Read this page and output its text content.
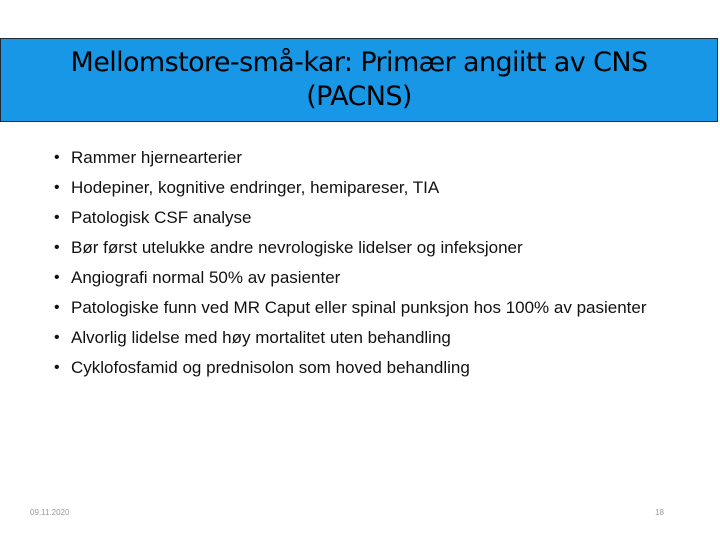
Mellomstore-små-kar: Primær angiitt av CNS (PACNS)
• Rammer hjernearterier
• Hodepiner, kognitive endringer, hemipareser, TIA
• Patologisk CSF analyse
• Bør først utelukke andre nevrologiske lidelser og infeksjoner
• Angiografi normal 50% av pasienter
• Patologiske funn ved MR Caput eller spinal punksjon hos 100% av pasienter
• Alvorlig lidelse med høy mortalitet uten behandling
• Cyklofosfamid og prednisolon som hoved behandling
09.11.2020	18
